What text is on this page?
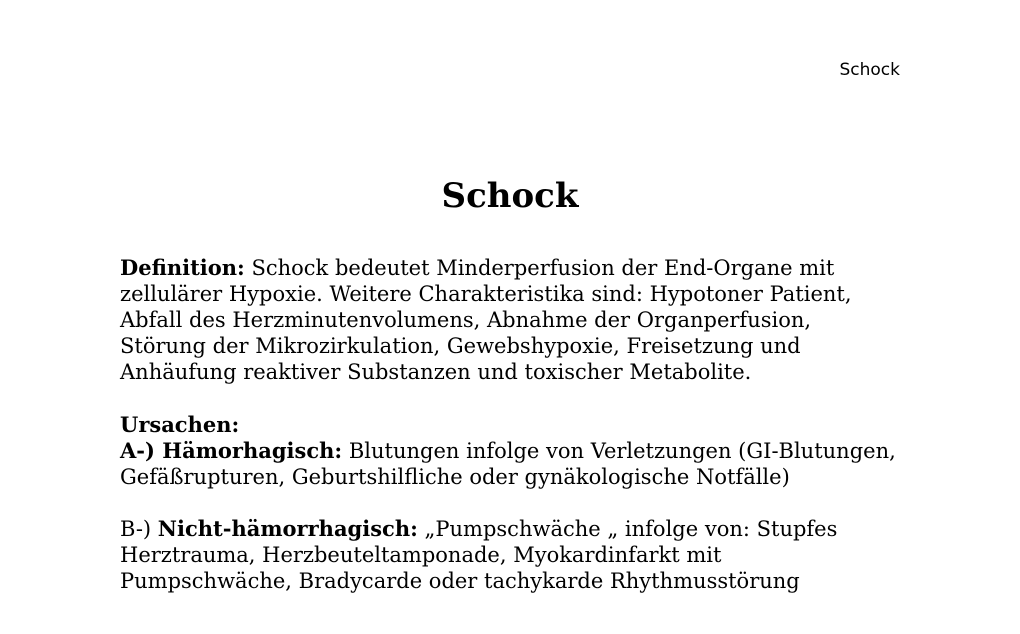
Schock
Schock

Definition: Schock bedeutet Minderperfusion der End-Organe mit zellulärer Hypoxie. Weitere Charakteristika sind: Hypotoner Patient, Abfall des Herzminutenvolumens, Abnahme der Organperfusion, Störung der Mikrozirkulation, Gewebshypoxie, Freisetzung und Anhäufung reaktiver Substanzen und toxischer Metabolite.

Ursachen:

A-) Hämorhagisch: Blutungen infolge von Verletzungen (GI-Blutungen, Gefäßrupturen, Geburtshilfliche oder gynäkologische Notfälle)

B-) Nicht-hämorrhagisch: „Pumpschwäche „ infolge von: Stupfes Herztrauma, Herzbeuteltamponade, Myokardinfarkt mit Pumpschwäche, Bradycarde oder tachykarde Rhythmusstörung
